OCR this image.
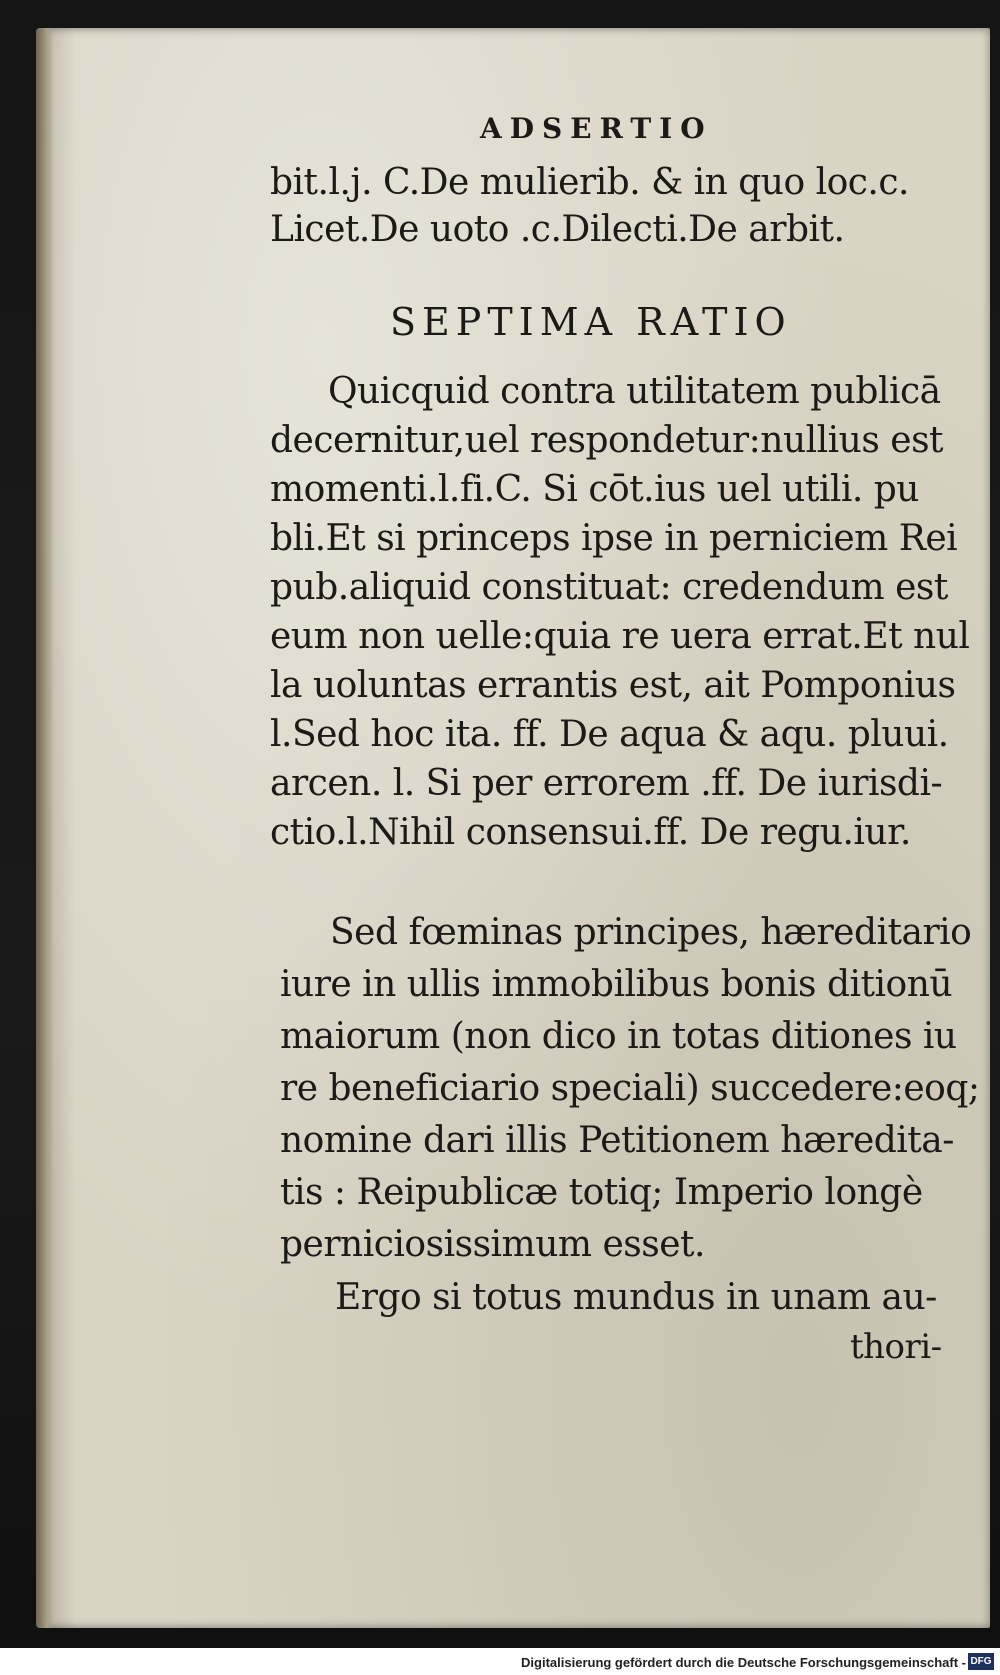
ADSERTIO
bit.l.j. C.De mulierib. & in quo loc.c.
Licet.De uoto .c.Dilecti.De arbit.
SEPTIMA RATIO
Quicquid contra utilitatem publicā
decernitur,uel respondetur:nullius est
momenti.l.fi.C. Si cōt.ius uel utili. pu
bli.Et si princeps ipse in perniciem Rei
pub.aliquid constituat: credendum est
eum non uelle:quia re uera errat.Et nul
la uoluntas errantis est, ait Pomponius
l.Sed hoc ita. ff. De aqua & aqu. pluui.
arcen. l. Si per errorem .ff. De iurisdi-
ctio.l.Nihil consensui.ff. De regu.iur.
Sed fœminas principes, hæreditario
iure in ullis immobilibus bonis ditionū
maiorum (non dico in totas ditiones iu
re beneficiario speciali) succedere:eoq;
nomine dari illis Petitionem hæredita-
tis : Reipublicæ totiq; Imperio longè
perniciosissimum esset.
Ergo si totus mundus in unam au-
thori-
Digitalisierung gefördert durch die Deutsche Forschungsgemeinschaft - DFG
